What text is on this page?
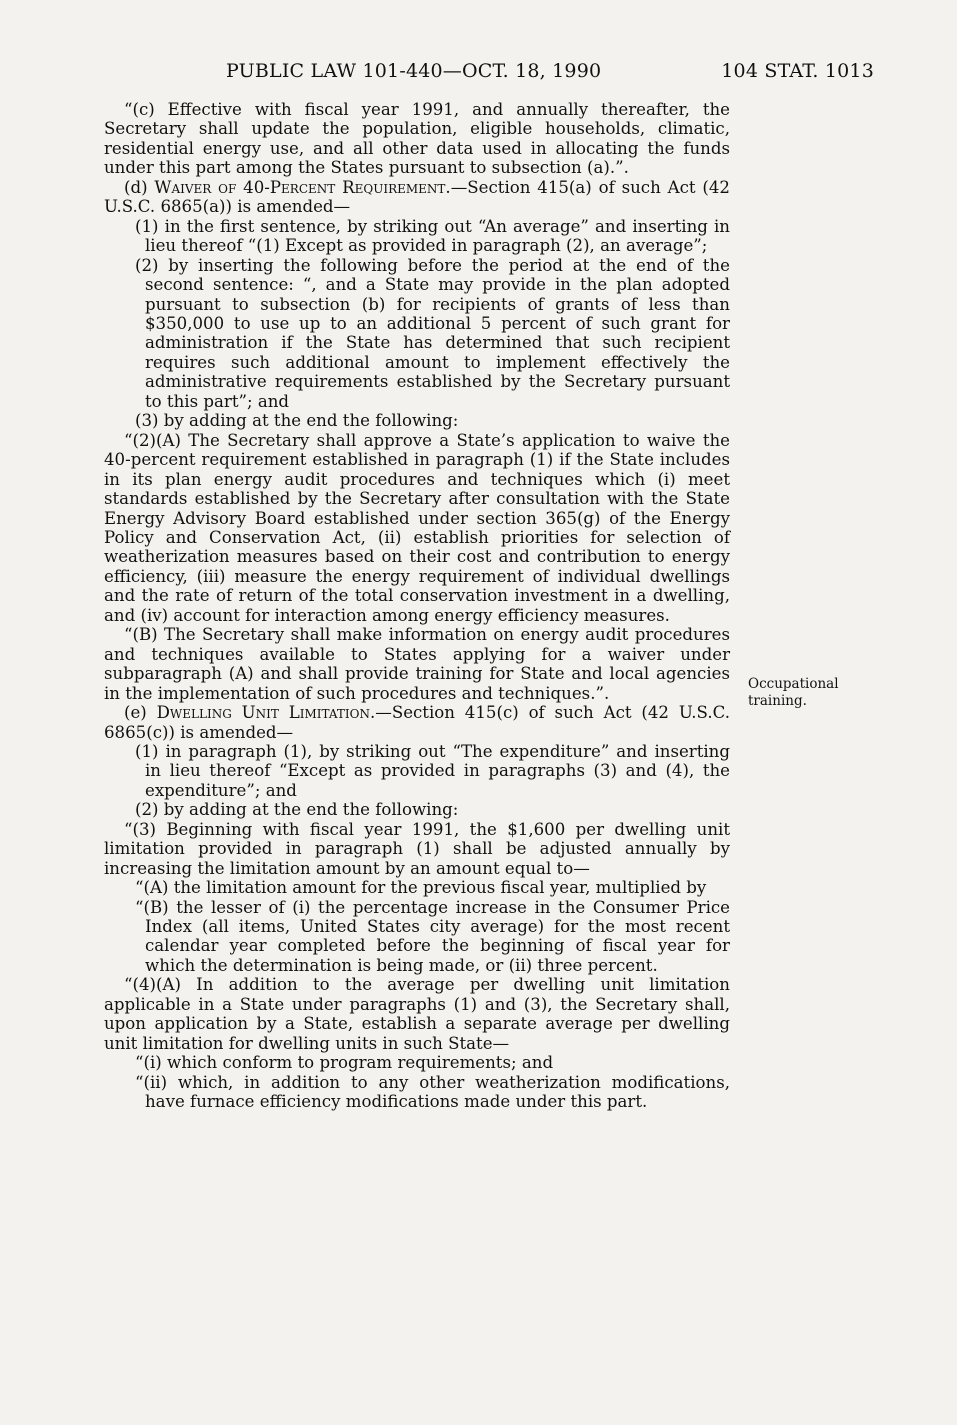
PUBLIC LAW 101-440—OCT. 18, 1990	104 STAT. 1013

“(c) Effective with fiscal year 1991, and annually thereafter, the Secretary shall update the population, eligible households, climatic, residential energy use, and all other data used in allocating the funds under this part among the States pursuant to subsection (a).”.

(d) Waiver of 40-Percent Requirement.—Section 415(a) of such Act (42 U.S.C. 6865(a)) is amended—

(1) in the first sentence, by striking out “An average” and inserting in lieu thereof “(1) Except as provided in paragraph (2), an average”;

(2) by inserting the following before the period at the end of the second sentence: “, and a State may provide in the plan adopted pursuant to subsection (b) for recipients of grants of less than $350,000 to use up to an additional 5 percent of such grant for administration if the State has determined that such recipient requires such additional amount to implement effectively the administrative requirements established by the Secretary pursuant to this part”; and

(3) by adding at the end the following:

“(2)(A) The Secretary shall approve a State’s application to waive the 40-percent requirement established in paragraph (1) if the State includes in its plan energy audit procedures and techniques which (i) meet standards established by the Secretary after consultation with the State Energy Advisory Board established under section 365(g) of the Energy Policy and Conservation Act, (ii) establish priorities for selection of weatherization measures based on their cost and contribution to energy efficiency, (iii) measure the energy requirement of individual dwellings and the rate of return of the total conservation investment in a dwelling, and (iv) account for interaction among energy efficiency measures.

“(B) The Secretary shall make information on energy audit procedures and techniques available to States applying for a waiver under subparagraph (A) and shall provide training for State and local agencies in the implementation of such procedures and techniques.”.

(e) Dwelling Unit Limitation.—Section 415(c) of such Act (42 U.S.C. 6865(c)) is amended—

(1) in paragraph (1), by striking out “The expenditure” and inserting in lieu thereof “Except as provided in paragraphs (3) and (4), the expenditure”; and

(2) by adding at the end the following:

“(3) Beginning with fiscal year 1991, the $1,600 per dwelling unit limitation provided in paragraph (1) shall be adjusted annually by increasing the limitation amount by an amount equal to—

“(A) the limitation amount for the previous fiscal year, multiplied by

“(B) the lesser of (i) the percentage increase in the Consumer Price Index (all items, United States city average) for the most recent calendar year completed before the beginning of fiscal year for which the determination is being made, or (ii) three percent.

“(4)(A) In addition to the average per dwelling unit limitation applicable in a State under paragraphs (1) and (3), the Secretary shall, upon application by a State, establish a separate average per dwelling unit limitation for dwelling units in such State—

“(i) which conform to program requirements; and

“(ii) which, in addition to any other weatherization modifications, have furnace efficiency modifications made under this part.

Occupational training.
